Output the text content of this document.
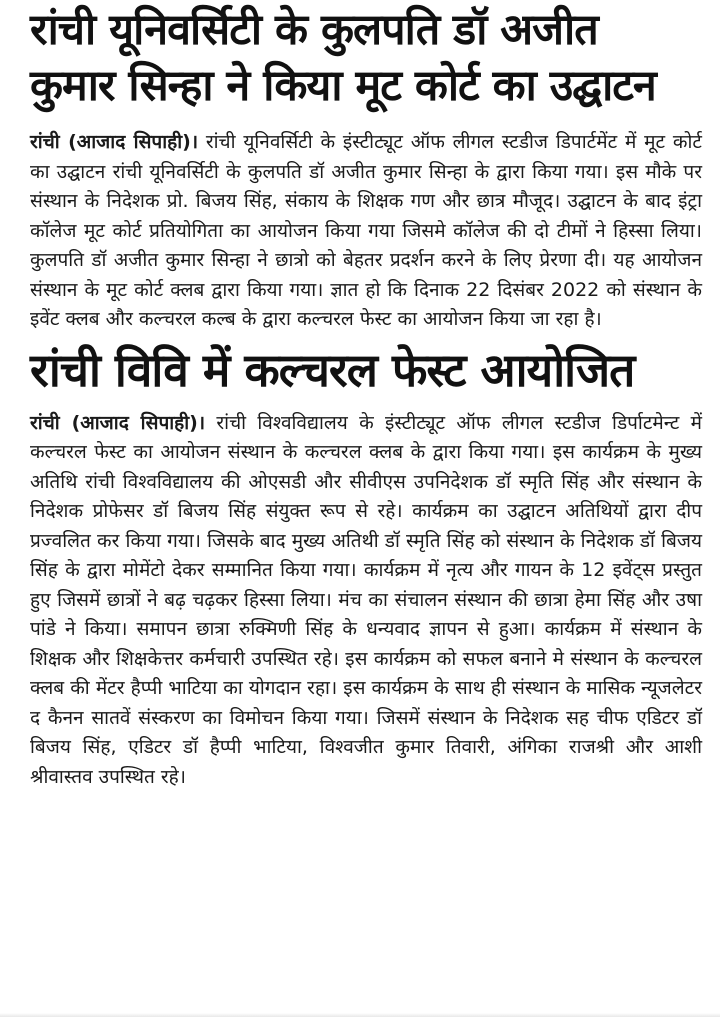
रांची यूनिवर्सिटी के कुलपति डॉ अजीत
कुमार सिन्हा ने किया मूट कोर्ट का उद्घाटन

रांची (आजाद सिपाही)। रांची यूनिवर्सिटी के इंस्टीट्यूट ऑफ लीगल स्टडीज डिपार्टमेंट में मूट कोर्ट का उद्घाटन रांची यूनिवर्सिटी के कुलपति डॉ अजीत कुमार सिन्हा के द्वारा किया गया। इस मौके पर संस्थान के निदेशक प्रो. बिजय सिंह, संकाय के शिक्षक गण और छात्र मौजूद। उद्घाटन के बाद इंट्रा कॉलेज मूट कोर्ट प्रतियोगिता का आयोजन किया गया जिसमे कॉलेज की दो टीमों ने हिस्सा लिया। कुलपति डॉ अजीत कुमार सिन्हा ने छात्रो को बेहतर प्रदर्शन करने के लिए प्रेरणा दी। यह आयोजन संस्थान के मूट कोर्ट क्लब द्वारा किया गया। ज्ञात हो कि दिनाक 22 दिसंबर 2022 को संस्थान के इवेंट क्लब और कल्चरल कल्ब के द्वारा कल्चरल फेस्ट का आयोजन किया जा रहा है।

रांची विवि में कल्चरल फेस्ट आयोजित

रांची (आजाद सिपाही)। रांची विश्वविद्यालय के इंस्टीट्यूट ऑफ लीगल स्टडीज डिर्पाटमेन्ट में कल्चरल फेस्ट का आयोजन संस्थान के कल्चरल क्लब के द्वारा किया गया। इस कार्यक्रम के मुख्य अतिथि रांची विश्वविद्यालय की ओएसडी और सीवीएस उपनिदेशक डॉ स्मृति सिंह और संस्थान के निदेशक प्रोफेसर डॉ बिजय सिंह संयुक्त रूप से रहे। कार्यक्रम का उद्घाटन अतिथियों द्वारा दीप प्रज्वलित कर किया गया। जिसके बाद मुख्य अतिथी डॉ स्मृति सिंह को संस्थान के निदेशक डॉ बिजय सिंह के द्वारा मोमेंटो देकर सम्मानित किया गया। कार्यक्रम में नृत्य और गायन के 12 इवेंट्स प्रस्तुत हुए जिसमें छात्रों ने बढ़ चढ़कर हिस्सा लिया। मंच का संचालन संस्थान की छात्रा हेमा सिंह और उषा पांडे ने किया। समापन छात्रा रुक्मिणी सिंह के धन्यवाद ज्ञापन से हुआ। कार्यक्रम में संस्थान के शिक्षक और शिक्षकेत्तर कर्मचारी उपस्थित रहे। इस कार्यक्रम को सफल बनाने मे संस्थान के कल्चरल क्लब की मेंटर हैप्पी भाटिया का योगदान रहा। इस कार्यक्रम के साथ ही संस्थान के मासिक न्यूजलेटर द कैनन सातवें संस्करण का विमोचन किया गया। जिसमें संस्थान के निदेशक सह चीफ एडिटर डॉ बिजय सिंह, एडिटर डॉ हैप्पी भाटिया, विश्वजीत कुमार तिवारी, अंगिका राजश्री और आशी श्रीवास्तव उपस्थित रहे।
